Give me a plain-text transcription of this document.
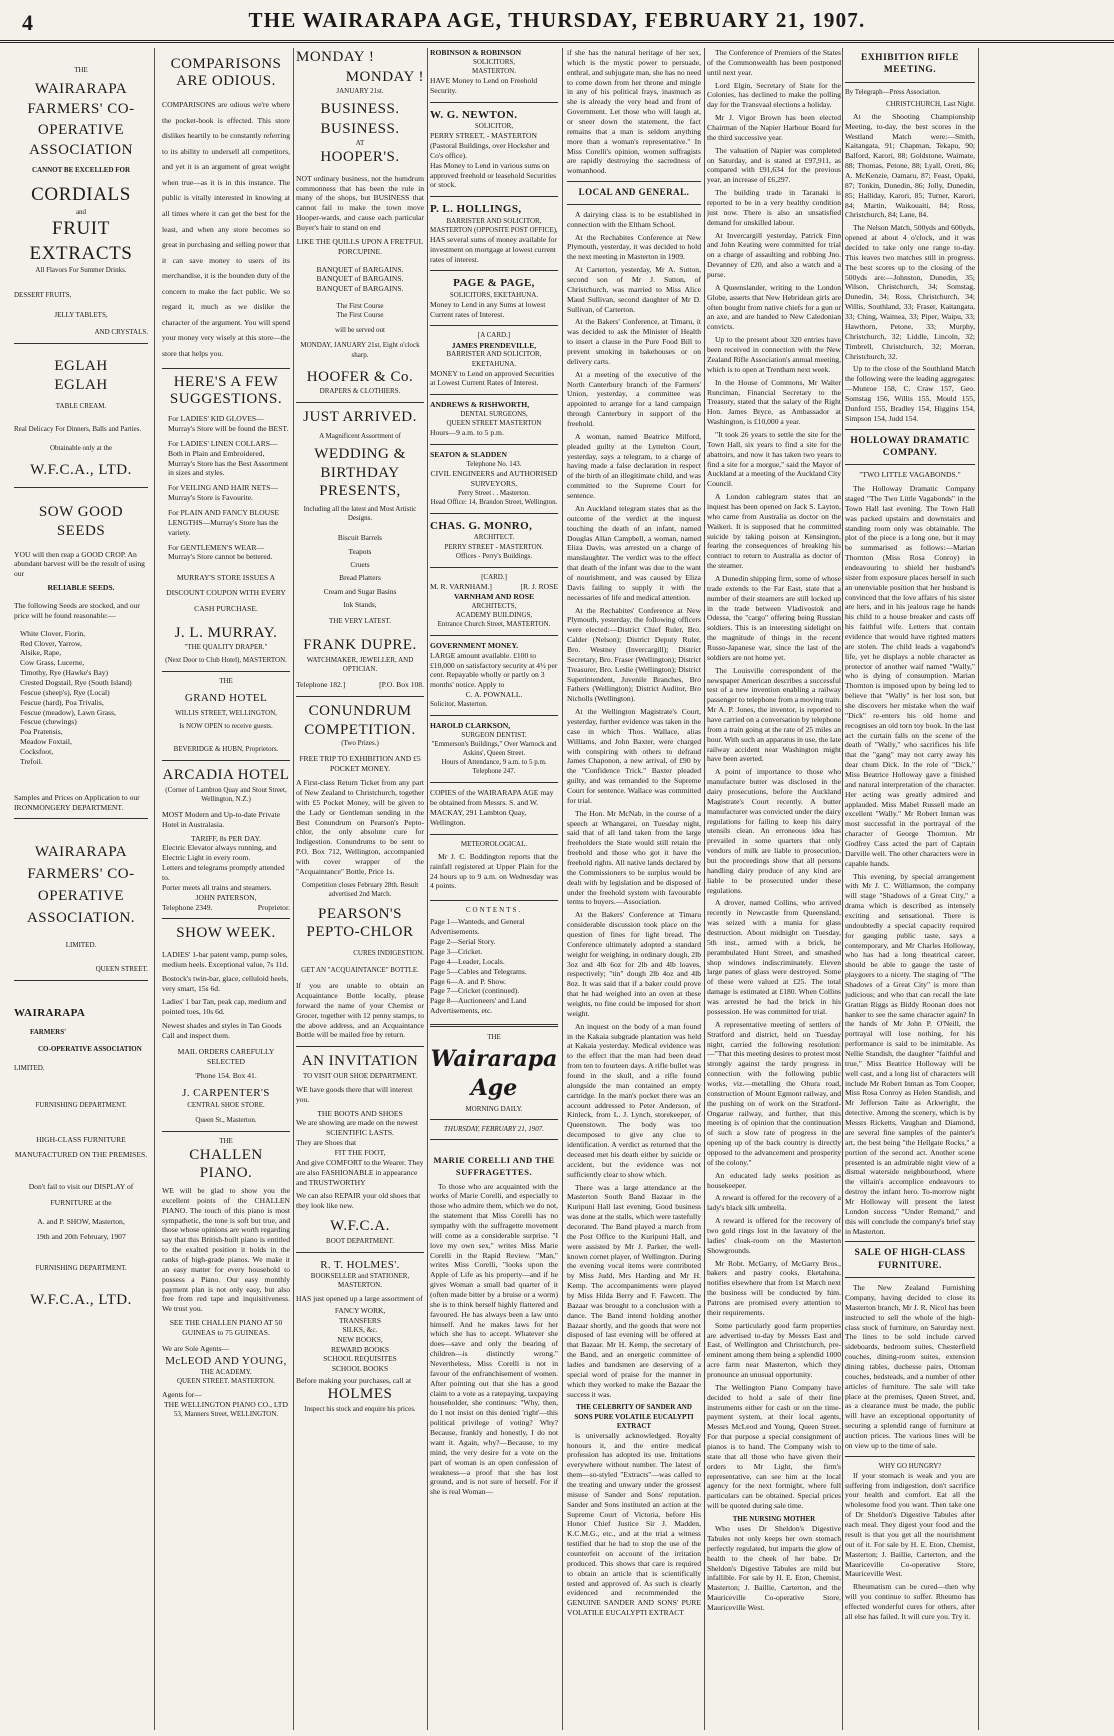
4	THE WAIRARAPA AGE, THURSDAY, FEBRUARY 21, 1907.
THE
WAIRARAPA FARMERS' CO-OPERATIVE ASSOCIATION
CANNOT BE EXCELLED FOR
CORDIALS
and
FRUIT EXTRACTS
All Flavors For Summer Drinks.
DESSERT FRUITS,
JELLY TABLETS,
AND CRYSTALS.
EGLAH EGLAH
TABLE CREAM.
Real Delicacy For Dinners, Balls and Parties.
Obtainable only at the
W.F.C.A., LTD.
SOW GOOD SEEDS
YOU will then reap a GOOD CROP. An abundant harvest will be the result of using our
RELIABLE SEEDS.
The following Seeds are stocked, and our price will be found reasonable:—
White Clover, Fiorin,
Red Clover, Yarrow,
Alsike, Rape,
Cow Grass, Lucerne,
Timothy, Rye (Hawke's Bay)
Crested Dogstail, Rye (South Island)
Fescue (sheep's), Rye (Local)
Fescue (hard), Poa Trivalis,
Fescue (meadow), Lawn Grass,
Fescue (chewings)
Poa Pratensis,
Meadow Foxtail,
Cocksfoot,
Trefoil.
Samples and Prices on Application to our IRONMONGERY DEPARTMENT.
WAIRARAPA FARMERS' CO-OPERATIVE ASSOCIATION.
LIMITED.
QUEEN STREET.
WAIRARAPA
FARMERS'
CO-OPERATIVE ASSOCIATION
LIMITED.
FURNISHING DEPARTMENT.
HIGH-CLASS FURNITURE MANUFACTURED ON THE PREMISES.
Don't fail to visit our DISPLAY of FURNITURE at the
A. and P. SHOW, Masterton,
19th and 20th February, 1907
FURNISHING DEPARTMENT.
W.F.C.A., LTD.
COMPARISONS ARE ODIOUS.
COMPARISONS are odious we're where the pocket-book is effected. This store dislikes heartily to be constantly referring to its ability to undersell all competitors, and yet it is an argument of great weight when true—as it is in this instance. The public is vitally interested in knowing at all times where it can get the best for the least, and when any store becomes so great in purchasing and selling power that it can save money to users of its merchandise, it is the bounden duty of the concern to make the fact public. We so regard it, much as we dislike the character of the argument. You will spend your money very wisely at this store—the store that helps you.
HERE'S A FEW SUGGESTIONS.
For LADIES' KID GLOVES—Murray's Store will be found the BEST.
For LADIES' LINEN COLLARS—Both in Plain and Embroidered, Murray's Store has the Best Assortment in sizes and styles.
For VEILING AND HAIR NETS—Murray's Store is Favourite.
For PLAIN AND FANCY BLOUSE LENGTHS—Murray's Store has the variety.
For GENTLEMEN'S WEAR—Murray's Store cannot be bettered.
MURRAY'S STORE ISSUES A DISCOUNT COUPON WITH EVERY CASH PURCHASE.
J. L. MURRAY.
"THE QUALITY DRAPER."
(Next Door to Club Hotel), MASTERTON.
THE
GRAND HOTEL
WILLIS STREET, WELLINGTON,
Is NOW OPEN to receive guests.
BEVERIDGE & HUBN, Proprietors.
ARCADIA HOTEL
(Corner of Lambton Quay and Stout Street, Wellington, N.Z.)
MOST Modern and Up-to-date Private Hotel in Australasia.
TARIFF, 8s PER DAY.
Electric Elevator always running, and Electric Light in every room.
Letters and telegrams promptly attended to.
Porter meets all trains and steamers.
JOHN PATERSON,
Telephone 2349.	Proprietor.
SHOW WEEK.
LADIES' 1-bar patent vamp, pump soles, medium heels. Exceptional value, 7s 11d.
Bostock's twin-bar, glace, celluloid heels, very smart, 15s 6d.
Ladies' 1 bar Tan, peak cap, medium and pointed toes, 10s 6d.
Newest shades and styles in Tan Goods Call and inspect them.
MAIL ORDERS CAREFULLY SELECTED
'Phone 154. Box 41.
J. CARPENTER'S
CENTRAL SHOE STORE.
Queen St., Masterton.
THE
CHALLEN PIANO.
WE will be glad to show you the excellent points of the CHALLEN PIANO. The touch of this piano is most sympathetic, the tone is soft but true, and those whose opinions are worth regarding say that this British-built piano is entitled to the exalted position it holds in the ranks of high-grade pianos. We make it an easy matter for every household to possess a Piano. Our easy monthly payment plan is not only easy, but also free from red tape and inquisitiveness. We trust you.
SEE THE CHALLEN PIANO AT 50 GUINEAS to 75 GUINEAS.
We are Sole Agents—
McLEOD AND YOUNG,
THE ACADEMY.
QUEEN STREET. MASTERTON.
Agents for—
THE WELLINGTON PIANO CO., LTD
53, Manners Street, WELLINGTON.
MONDAY !
MONDAY !
JANUARY 21st.
BUSINESS. BUSINESS.
AT
HOOPER'S.
NOT ordinary business, not the humdrum commonness that has been the rule in many of the shops, but BUSINESS that cannot fail to make the town move Hooper-wards, and cause each particular Buyer's hair to stand on end
LIKE THE QUILLS UPON A FRETFUL PORCUPINE.
BANQUET of BARGAINS.
BANQUET of BARGAINS.
BANQUET of BARGAINS.
The First Course
The First Course
will be served out
MONDAY, JANUARY 21st, Eight o'clock sharp.
HOOFER & Co.
DRAPERS & CLOTHIERS.
JUST ARRIVED.
A Magnificent Assortment of
WEDDING & BIRTHDAY PRESENTS,
Including all the latest and Most Artistic Designs.
Biscuit Barrels
Teapots
Cruets
Bread Platters
Cream and Sugar Basins
Ink Stands,
THE VERY LATEST.
FRANK DUPRE.
WATCHMAKER, JEWELLER, AND OPTICIAN.
Telephone 182.]	[P.O. Box 108.
CONUNDRUM COMPETITION.
(Two Prizes.)
FREE TRIP TO EXHIBITION AND £5 POCKET MONEY.
A First-class Return Ticket from any part of New Zealand to Christchurch, together with £5 Pocket Money, will be given to the Lady or Gentleman sending in the Best Conundrum on Pearson's Pepto-chlor, the only absolute cure for Indigestion. Conundrums to be sent to P.O. Box 712, Wellington, accompanied with cover wrapper of the "Acquaintance" Bottle, Price 1s.
Competition closes February 28th. Result advertised 2nd March.
PEARSON'S PEPTO-CHLOR
CURES INDIGESTION.
GET AN "ACQUAINTANCE" BOTTLE.
If you are unable to obtain an Acquaintance Bottle locally, please forward the name of your Chemist or Grocer, together with 12 penny stamps, to the above address, and an Acquaintance Bottle will be mailed free by return.
AN INVITATION
TO VISIT OUR SHOE DEPARTMENT.
WE have goods there that will interest you.
THE BOOTS AND SHOES
We are showing are made on the newest
SCIENTIFIC LASTS.
They are Shoes that
FIT THE FOOT,
And give COMFORT to the Wearer. They are also FASHIONABLE in appearance and TRUSTWORTHY
We can also REPAIR your old shoes that they look like new.
W.F.C.A.
BOOT DEPARTMENT.
R. T. HOLMES'.
BOOKSELLER and STATIONER, MASTERTON.
HAS just opened up a large assortment of
FANCY WORK,
TRANSFERS
SILKS, &c.
NEW BOOKS,
REWARD BOOKS
SCHOOL REQUISITES
SCHOOL BOOKS
Before making your purchases, call at
HOLMES
Inspect his stock and enquire his prices.
ROBINSON & ROBINSON
SOLICITORS,
MASTERTON.
HAVE Money to Lend on Freehold Security.
W. G. NEWTON.
SOLICITOR,
PERRY STREET, - MASTERTON (Pastoral Buildings, over Hocksher and Co's office).
Has Money to Lend in various sums on approved freehold or leasehold Securities or stock.
P. L. HOLLINGS,
BARRISTER AND SOLICITOR,
MASTERTON (OPPOSITE POST OFFICE),
HAS several sums of money available for investment on mortgage at lowest current rates of interest.
PAGE & PAGE,
SOLICITORS, EKETAHUNA.
Money to Lend in any Sums at lowest Current rates of Interest.
[A CARD.]
JAMES PRENDEVILLE,
BARRISTER AND SOLICITOR,
EKETAHUNA.
MONEY to Lend on approved Securities at Lowest Current Rates of Interest.
ANDREWS & RISHWORTH,
DENTAL SURGEONS,
QUEEN STREET MASTERTON
Hours—9 a.m. to 5 p.m.
SEATON & SLADDEN
Telephone No. 143.
CIVIL ENGINEERS and AUTHORISED SURVEYORS,
Perry Street . . Masterton.
Head Office: 14, Brandon Street, Wellington.
CHAS. G. MONRO,
ARCHITECT.
PERRY STREET - MASTERTON.
Offices - Perry's Buildings.
[CARD.]
M. R. VARNHAM.]	[R. J. ROSE
VARNHAM AND ROSE
ARCHITECTS,
ACADEMY BUILDINGS,
Entrance Church Street, MASTERTON.
GOVERNMENT MONEY.
LARGE amount available. £100 to £10,000 on satisfactory security at 4½ per cent. Repayable wholly or partly on 3 months' notice. Apply to
C. A. POWNALL.
Solicitor, Masterton.
HAROLD CLARKSON,
SURGEON DENTIST.
"Emmerson's Buildings," Over Warnock and Askins', Queen Street.
Hours of Attendance, 9 a.m. to 5 p.m.
Telephone 247.
COPIES of the WAIRARAPA AGE may be obtained from Messrs. S. and W. MACKAY, 291 Lambton Quay, Wellington.
METEOROLOGICAL.

Mr J. C. Boddington reports that the rainfall registered at Upper Plain for the 24 hours up to 9 a.m. on Wednesday was 4 points.

CONTENTS.
Page 1—Wanteds, and General Advertisements.
Page 2—Serial Story.
Page 3—Cricket.
Page 4—Leader, Locals.
Page 5—Cables and Telegrams.
Page 6—A. and P. Show.
Page 7—Cricket (continued).
Page 8—Auctioneers' and Land Advertisements, etc.
THE
Wairarapa Age
MORNING DAILY.
THURSDAY, FEBRUARY 21, 1907.
MARIE CORELLI AND THE SUFFRAGETTES.

To those who are acquainted with the works of Marie Corelli, and especially to those who admire them, which we do not, the statement that Miss Corelli has no sympathy with the suffragette movement will come as a considerable surprise. "I love my own sex," writes Miss Marie Corelli in the Rapid Review. "Man," writes Miss Corelli, "looks upon the Apple of Life as his property—and if he gives Woman a small bad quarter of it (often made bitter by a bruise or a worm) she is to think herself highly flattered and favoured. He has always been a law unto himself. And he makes laws for her which she has to accept. Whatever she does—save and only the bearing of children—is distinctly wrong." Nevertheless, Miss Corelli is not in favour of the enfranchisement of women. After pointing out that she has a good claim to a vote as a ratepaying, taxpaying householder, she continues: "Why, then, do I not insist on this denied 'right'—this political privilege of voting? Why? Because, frankly and honestly, I do not want it. Again, why?—Because, to my mind, the very desire for a vote on the part of woman is an open confession of weakness—a proof that she has lost ground, and is not sure of herself. For if she is real Woman—

if she has the natural heritage of her sex, which is the mystic power to persuade, enthral, and subjugate man, she has no need to come down from her throne and mingle in any of his political frays, inasmuch as she is already the very head and front of Government. Let those who will laugh at, or sneer down the statement, the fact remains that a man is seldom anything more than a woman's representative." In Miss Corelli's opinion, women suffragists are rapidly destroying the sacredness of womanhood.

LOCAL AND GENERAL.

A dairying class is to be established in connection with the Eltham School.

At the Rechabites Conference at New Plymouth, yesterday, it was decided to hold the next meeting in Masterton in 1909.

At Carterton, yesterday, Mr A. Sutton, second son of Mr J. Sutton, of Christchurch, was married to Miss Alice Maud Sullivan, second daughter of Mr D. Sullivan, of Carterton.

At the Bakers' Conference, at Timaru, it was decided to ask the Minister of Health to insert a clause in the Pure Food Bill to prevent smoking in bakehouses or on delivery carts.

At a meeting of the executive of the North Canterbury branch of the Farmers' Union, yesterday, a committee was appointed to arrange for a land campaign through Canterbury in support of the freehold.

A woman, named Beatrice Milford, pleaded guilty at the Lyttelton Court, yesterday, says a telegram, to a charge of having made a false declaration in respect of the birth of an illegitimate child, and was committed to the Supreme Court for sentence.

An Auckland telegram states that as the outcome of the verdict at the inquest touching the death of an infant, named Douglas Allan Campbell, a woman, named Eliza Davis, was arrested on a charge of manslaughter. The verdict was to the effect that death of the infant was due to the want of nourishment, and was caused by Eliza Davis failing to supply it with the necessaries of life and medical attention.

At the Rechabites' Conference at New Plymouth, yesterday, the following officers were elected:—District Chief Ruler, Bro. Calder (Nelson); District Deputy Ruler, Bro. Westney (Invercargill); District Secretary, Bro. Fraser (Wellington); District Treasurer, Bro. Leslie (Wellington); District Superintendent, Juvenile Branches, Bro Fathers (Wellington); District Auditor, Bro Nicholls (Wellington).

At the Wellington Magistrate's Court, yesterday, further evidence was taken in the case in which Thos. Wallace, alias Williams, and John Baxter, were charged with conspiring with others to defraud James Chaponon, a new arrival, of £90 by the "Confidence Trick." Baxter pleaded guilty, and was remanded to the Supreme Court for sentence. Wallace was committed for trial.

The Hon. Mr McNab, in the course of a speech at Whangarei, on Tuesday night, said that of all land taken from the large freeholders the State would still retain the freehold and those who got it have the freehold rights. All native lands declared by the Commissioners to be surplus would be dealt with by legislation and be disposed of under the freehold system with favourable terms to buyers.—Association.

At the Bakers' Conference at Timaru considerable discussion took place on the question of fines for light bread. The Conference ultimately adopted a standard weight for weighing, in ordinary dough, 2lb 3oz and 4lb 6oz for 2lb and 4lb loaves, respectively; "tin" dough 2lb 4oz and 4lb 8oz. It was said that if a baker could prove that he had weighed into an oven at these weights, no fine could be imposed for short weight.

An inquest on the body of a man found in the Kakaia subgrade plantation was held at Kakaia yesterday. Medical evidence was to the effect that the man had been dead from ten to fourteen days. A rifle bullet was found in the skull, and a rifle found alongside the man contained an empty cartridge. In the man's pocket there was an account addressed to Peter Anderson, of Kinleck, from L. J. Lynch, storekeeper, of Queenstown. The body was too decomposed to give any clue to identification. A verdict as returned that the deceased met his death either by suicide or accident, but the evidence was not sufficiently clear to show which.

There was a large attendance at the Masterton South Band Bazaar in the Kuripuni Hall last evening. Good business was done at the stalls, which were tastefully decorated. The Band played a march from the Post Office to the Kuripuni Hall, and were assisted by Mr J. Parker, the well-known cornet player, of Wellington. During the evening vocal items were contributed by Miss Judd, Mrs Harding and Mr H. Kemp. The accompaniments were played by Miss Hilda Berry and F. Fawcett. The Bazaar was brought to a conclusion with a dance. The Band intend holding another Bazaar shortly, and the goods that were not disposed of last evening will be offered at that Bazaar. Mr H. Kemp, the secretary of the Band, and an energetic committee of ladies and bandsmen are deserving of a special word of praise for the manner in which they worked to make the Bazaar the success it was.

THE CELEBRITY OF SANDER AND SONS PURE VOLATILE EUCALYPTI EXTRACT

is universally acknowledged. Royalty honours it, and the entire medical profession has adopted its use. Imitations everywhere without number. The latest of them—so-styled "Extracts"—was called to the treating and unwary under the grossest misuse of Sander and Sons' reputation. Sander and Sons instituted an action at the Supreme Court of Victoria, before His Honor Chief Justice Sir J. Madden, K.C.M.G., etc., and at the trial a witness testified that he had to stop the use of the counterfeit on account of the irritation produced. This shows that care is required to obtain an article that is scientifically tested and approved of. As such is clearly evidenced and recommended the GENUINE SANDER AND SONS' PURE VOLATILE EUCALYPTI EXTRACT

The Conference of Premiers of the States of the Commonwealth has been postponed until next year.

Lord Elgin, Secretary of State for the Colonies, has declined to make the polling day for the Transvaal elections a holiday.

Mr J. Vigor Brown has been elected Chairman of the Napier Harbour Board for the third successive year.

The valuation of Napier was completed on Saturday, and is stated at £97,911, as compared with £91,634 for the previous year, an increase of £6,297.

The building trade in Taranaki is reported to be in a very healthy condition just now. There is also an unsatisfied demand for unskilled labour.

At Invercargill yesterday, Patrick Finn and John Keating were committed for trial on a charge of assaulting and robbing Jno. Devanney of £20, and also a watch and a purse.

A Queenslander, writing to the London Globe, asserts that New Hebridean girls are often bought from native chiefs for a gun or an axe, and are handed to New Caledonian convicts.

Up to the present about 320 entries have been received in connection with the New Zealand Rifle Association's annual meeting, which is to open at Trentham next week.

In the House of Commons, Mr Walter Runciman, Financial Secretary to the Treasury, stated that the salary of the Right Hon. James Bryce, as Ambassador at Washington, is £10,000 a year.

"It took 26 years to settle the site for the Town Hall, six years to find a site for the abattoirs, and now it has taken two years to find a site for a morgue," said the Mayor of Auckland at a meeting of the Auckland City Council.

A London cablegram states that an inquest has been opened on Jack S. Layton, who came from Australia as doctor on the Waikeri. It is supposed that he committed suicide by taking poison at Kensington, fearing the consequences of breaking his contract to return to Australia as doctor of the steamer.

A Dunedin shipping firm, some of whose trade extends to the Far East, state that a number of their steamers are still locked up in the trade between Vladivostok and Odessa, the "cargo" offering being Russian soldiers. This is an interesting sidelight on the magnitude of things in the recent Russo-Japanese war, since the last of the soldiers are not home yet.

The Louisville correspondent of the newspaper American describes a successful test of a new invention enabling a railway passenger to telephone from a moving train. Mr A. P. Jones, the inventor, is reported to have carried on a conversation by telephone from a train going at the rate of 25 miles an hour. With such an apparatus in use, the late railway accident near Washington might have been averted.

A point of importance to those who manufacture butter was disclosed in the dairy prosecutions, before the Auckland Magistrate's Court recently. A butter manufacturer was convicted under the dairy regulations for failing to keep his dairy utensils clean. An erroneous idea has prevailed in some quarters that only vendors of milk are liable to prosecution, but the proceedings show that all persons handling dairy produce of any kind are liable to be prosecuted under these regulations.

A drover, named Collins, who arrived recently in Newcastle from Queensland, was seized with a mania for glass destruction. About midnight on Tuesday, 5th inst., armed with a brick, he perambulated Hunt Street, and smashed shop windows indiscriminately. Eleven large panes of glass were destroyed. Some of these were valued at £25. The total damage is estimated at £180. When Collins was arrested he had the brick in his possession. He was committed for trial.

A representative meeting of settlers of Stratford and district, held on Tuesday night, carried the following resolution:—"That this meeting desires to protest most strongly against the tardy progress in connection with the following public works, viz.—metalling the Ohura road, construction of Mount Egmont railway, and the pushing on of work on the Stratford-Ongarue railway, and further, that this meeting is of opinion that the continuation of such a slow rate of progress in the opening up of the back country is directly opposed to the advancement and prosperity of the colony."

An educated lady seeks position as housekeeper.

A reward is offered for the recovery of a lady's black silk umbrella.

A reward is offered for the recovery of two gold rings lost in the lavatory of the ladies' cloak-room on the Masterton Showgrounds.

Mr Robt. McGarry, of McGarry Bros., bakers and pastry cooks, Eketahuna, notifies elsewhere that from 1st March next the business will be conducted by him. Patrons are promised every attention to their requirements.

Some particularly good farm properties are advertised to-day by Messrs East and East, of Wellington and Christchurch, pre-eminent among them being a splendid 1000 acre farm near Masterton, which they pronounce an unusual opportunity.

The Wellington Piano Company have decided to hold a sale of their fine instruments either for cash or on the time-payment system, at their local agents, Messrs McLeod and Young, Queen Street. For that purpose a special consignment of pianos is to hand. The Company wish to state that all those who have given their orders to Mr Light, the firm's representative, can see him at the local agency for the next fortnight, where full particulars can be obtained. Special prices will be quoted during sale time.

THE NURSING MOTHER

Who uses Dr Sheldon's Digestive Tabules not only keeps her own stomach perfectly regulated, but imparts the glow of health to the cheek of her babe. Dr Sheldon's Digestive Tabules are mild but infallible. For sale by H. E. Eton, Chemist, Masterton; J. Baillie, Carterton, and the Mauriceville Co-operative Store, Mauriceville West.

EXHIBITION RIFLE MEETING.
By Telegraph—Press Association.
CHRISTCHURCH, Last Night.

At the Shooting Championship Meeting, to-day, the best scores in the Westland Match were:—Smith, Kaitangata, 91; Chapman, Tekapu, 90; Balford, Karori, 88; Goldstone, Waimate, 88; Thomas, Petone, 88; Lyall, Oreti, 86; A. McKenzie, Oamaru, 87; Feast, Opaki, 87; Tonkin, Dunedin, 86; Jolly, Dunedin, 85; Halliday, Karori, 85; Turner, Karori, 84; Martin, Waikouaiti, 84; Ross, Christchurch, 84; Lane, 84.

The Nelson Match, 500yds and 600yds, opened at about 4 o'clock, and it was decided to take only one range to-day. This leaves two matches still in progress. The best scores up to the closing of the 500yds are:—Johnston, Dunedin, 35; Wilson, Christchurch, 34; Somstag, Dunedin, 34; Ross, Christchurch, 34; Willis, Southland, 33; Fraser, Kaitangata, 33; Ching, Waimea, 33; Piper, Waipu, 33; Hawthorn, Petone, 33; Murphy, Christchurch, 32; Liddle, Lincoln, 32; Timbrell, Christchurch, 32; Morran, Christchurch, 32.

Up to the close of the Southland Match the following were the leading aggregates:—Munroe 158, C. Craw 157, Geo. Somstag 156, Willis 155, Mould 155, Dunford 155, Bradley 154, Higgins 154, Simpson 154, Judd 154.

HOLLOWAY DRAMATIC COMPANY.
"TWO LITTLE VAGABONDS."

The Holloway Dramatic Company staged "The Two Little Vagabonds" in the Town Hall last evening. The Town Hall was packed upstairs and downstairs and standing room only was obtainable. The plot of the piece is a long one, but it may be summarised as follows:—Marian Thornton (Miss Rosa Conroy) in endeavouring to shield her husband's sister from exposure places herself in such an unenviable position that her husband is convinced that the love affairs of his sister are hers, and in his jealous rage he hands his child to a house breaker and casts off his faithful wife. Letters that contain evidence that would have righted matters are stolen. The child leads a vagabond's life, yet he displays a noble character as protector of another waif named "Wally," who is dying of consumption. Marian Thornton is imposed upon by being led to believe that "Wally" is her lost son, but she discovers her mistake when the waif "Dick" re-enters his old home and recognises an old torn toy book. In the last act the curtain falls on the scene of the death of "Wally," who sacrifices his life that the "gang" may not carry away his dear chum Dick. In the role of "Dick," Miss Beatrice Holloway gave a finished and natural interpretation of the character. Her acting was greatly admired and applauded. Miss Mabel Russell made an excellent "Wally." Mr Robert Inman was most successful in the portrayal of the character of George Thornton. Mr Godfrey Cass acted the part of Captain Darville well. The other characters were in capable hands.

This evening, by special arrangement with Mr J. C. Williamson, the company will stage "Shadows of a Great City," a drama which is described as intensely exciting and sensational. There is undoubtedly a special capacity required for gauging public taste, says a contemporary, and Mr Charles Holloway, who has had a long theatrical career, should be able to gauge the taste of playgoers to a nicety. The staging of "The Shadows of a Great City" is more than judicious; and who that can recall the late Grattan Riggs as Biddy Roonan does not hanker to see the same character again? In the hands of Mr John P. O'Neill, the portrayal will lose nothing, for his performance is said to be inimitable. As Nellie Standish, the daughter "faithful and true," Miss Beatrice Holloway will be well cast, and a long list of characters will include Mr Robert Inman as Tom Cooper, Miss Rosa Conroy as Helen Standish, and Mr Jefferson Taite as Arkwright, the detective. Among the scenery, which is by Messrs Ricketts, Vaughan and Diamond, are several fine samples of the painter's art, the best being "the Hellgate Rocks," a portion of the second act. Another scene presented is an admirable night view of a dismal waterside neighbourhood, where the villain's accomplice endeavours to destroy the infant hero. To-morrow night Mr Holloway will present the latest London success "Under Remand," and this will conclude the company's brief stay in Masterton.

SALE OF HIGH-CLASS FURNITURE.

The New Zealand Furnishing Company, having decided to close its Masterton branch, Mr J. R. Nicol has been instructed to sell the whole of the high-class stock of furniture, on Saturday next. The lines to be sold include carved sideboards, bedroom suites, Chesterfield couches, dining-room suites, extension dining tables, duchesse pairs, Ottoman couches, bedsteads, and a number of other articles of furniture. The sale will take place at the premises, Queen Street, and, as a clearance must be made, the public will have an exceptional opportunity of securing a splendid range of furniture at auction prices. The various lines will be on view up to the time of sale.

WHY GO HUNGRY?

If your stomach is weak and you are suffering from indigestion, don't sacrifice your health and comfort. Eat all the wholesome food you want. Then take one of Dr Sheldon's Digestive Tabules after each meal. They digest your food and the result is that you get all the nourishment out of it. For sale by H. E. Eton, Chemist, Masterton; J. Baillie, Carterton, and the Mauriceville Co-operative Store, Mauriceville West.

Rheumatism can be cured—then why will you continue to suffer. Rheumo has effected wonderful cures for others, after all else has failed. It will cure you. Try it.
